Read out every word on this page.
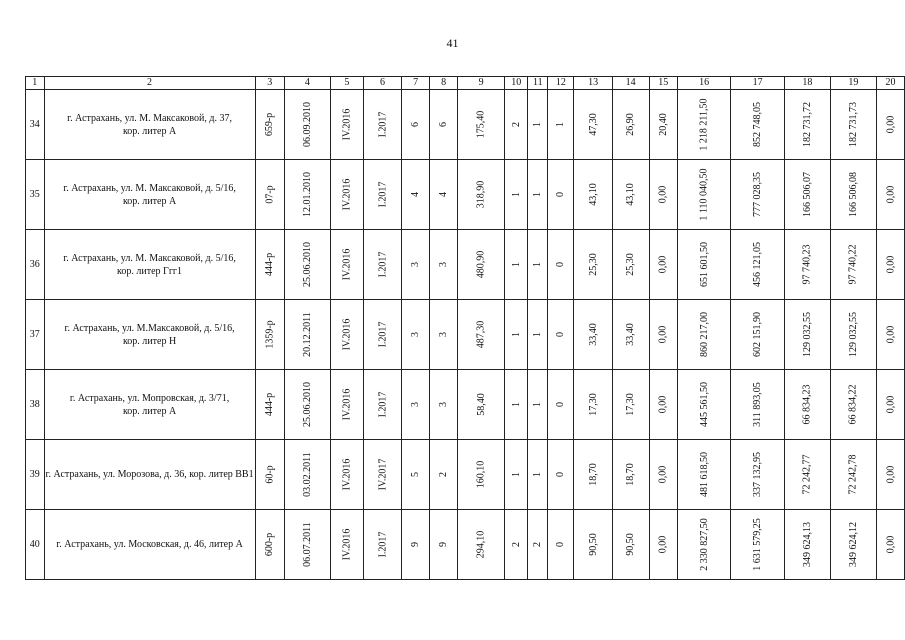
41
1	2	3	4	5	6	7	8	9	10	11	12	13	14	15	16	17	18	19	20
34	г. Астрахань, ул. М. Максаковой, д. 37,
кор. литер А	659-р	06.09.2010	IV.2016	I.2017	6	6	175,40	2	1	1	47,30	26,90	20,40	1 218 211,50	852 748,05	182 731,72	182 731,73	0,00
35	г. Астрахань, ул. М. Максаковой, д. 5/16,
кор. литер А	07-р	12.01.2010	IV.2016	I.2017	4	4	318,90	1	1	0	43,10	43,10	0,00	1 110 040,50	777 028,35	166 506,07	166 506,08	0,00
36	г. Астрахань, ул. М. Максаковой, д. 5/16,
кор. литер Ггг1	444-р	25.06.2010	IV.2016	I.2017	3	3	480,90	1	1	0	25,30	25,30	0,00	651 601,50	456 121,05	97 740,23	97 740,22	0,00
37	г. Астрахань, ул. М.Максаковой, д. 5/16,
кор. литер Н	1359-р	20.12.2011	IV.2016	I.2017	3	3	487,30	1	1	0	33,40	33,40	0,00	860 217,00	602 151,90	129 032,55	129 032,55	0,00
38	г. Астрахань, ул. Мопровская, д. 3/71,
кор. литер А	444-р	25.06.2010	IV.2016	I.2017	3	3	58,40	1	1	0	17,30	17,30	0,00	445 561,50	311 893,05	66 834,23	66 834,22	0,00
39	г. Астрахань, ул. Морозова, д. 36, кор. литер ВВ1	60-р	03.02.2011	IV.2016	IV.2017	5	2	160,10	1	1	0	18,70	18,70	0,00	481 618,50	337 132,95	72 242,77	72 242,78	0,00
40	г. Астрахань, ул. Московская, д. 46, литер А	600-р	06.07.2011	IV.2016	I.2017	9	9	294,10	2	2	0	90,50	90,50	0,00	2 330 827,50	1 631 579,25	349 624,13	349 624,12	0,00
